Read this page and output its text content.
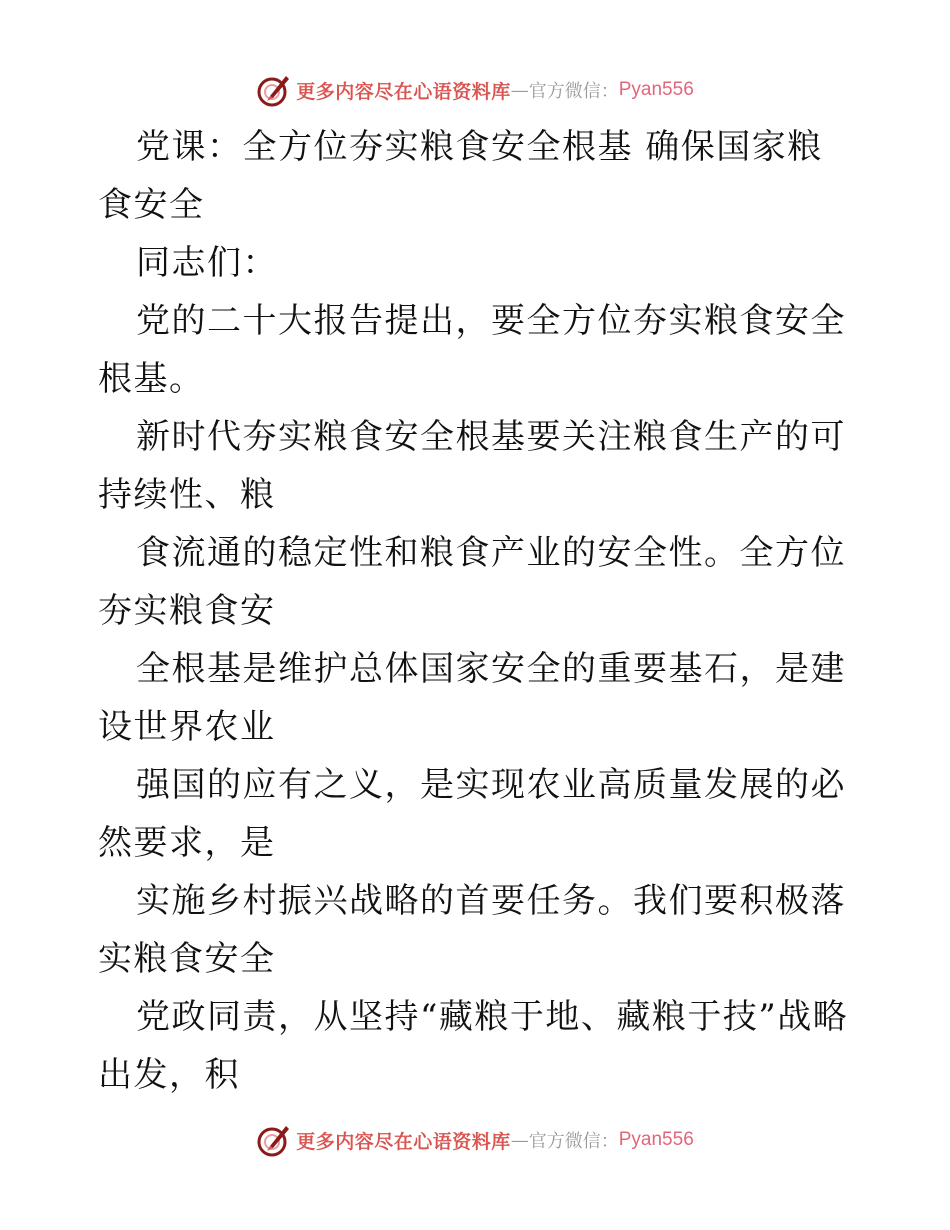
更多内容尽在心语资料库 — 官方微信： Pyan556

党课：全方位夯实粮食安全根基 确保国家粮食安全

同志们：

党的二十大报告提出，要全方位夯实粮食安全根基。

新时代夯实粮食安全根基要关注粮食生产的可持续性、粮

食流通的稳定性和粮食产业的安全性。全方位夯实粮食安

全根基是维护总体国家安全的重要基石，是建设世界农业

强国的应有之义，是实现农业高质量发展的必然要求，是

实施乡村振兴战略的首要任务。我们要积极落实粮食安全

党政同责，从坚持“藏粮于地、藏粮于技”战略出发，积

更多内容尽在心语资料库 — 官方微信： Pyan556
